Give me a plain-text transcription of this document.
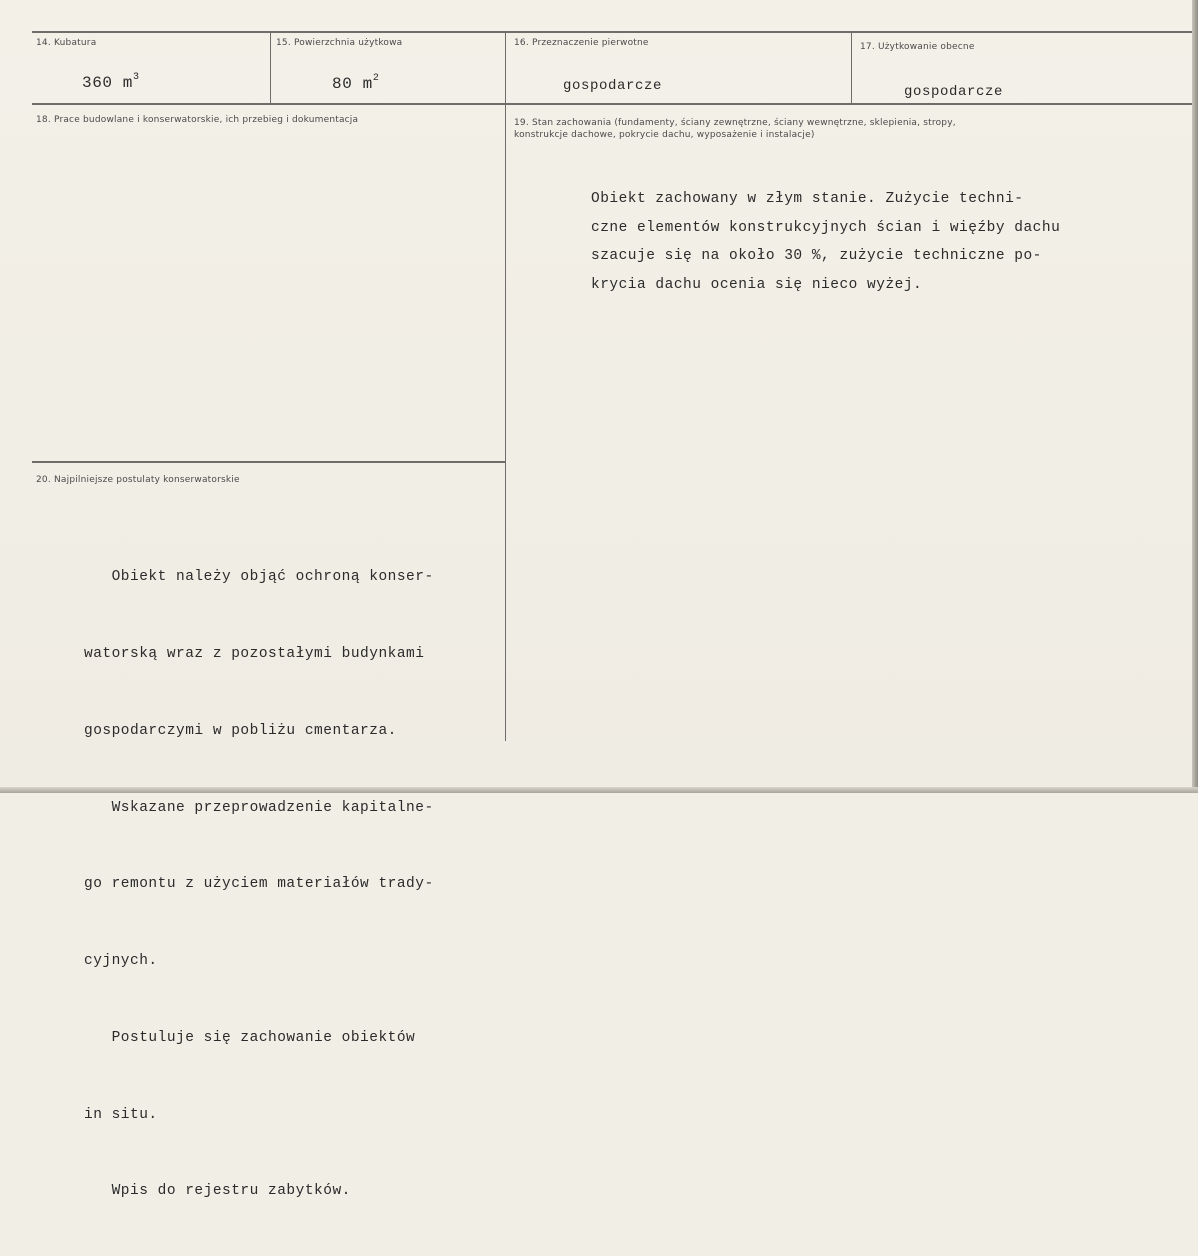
14. Kubatura
360 $m^3$
15. Powierzchnia użytkowa
80 $m^2$
16. Przeznaczenie pierwotne
gospodarcze
17. Użytkowanie obecne
gospodarcze
18. Prace budowlane i konserwatorskie, ich przebieg i dokumentacja	19. Stan zachowania (fundamenty, ściany zewnętrzne, ściany wewnętrzne, sklepienia, stropy,
konstrukcje dachowe, pokrycie dachu, wyposażenie i instalacje)
Obiekt zachowany w złym stanie. Zużycie techni-
czne elementów konstrukcyjnych ścian i więźby dachu
szacuje się na około 30 %, zużycie techniczne po-
krycia dachu ocenia się nieco wyżej.
20. Najpilniejsze postulaty konserwatorskie

Obiekt należy objąć ochroną konser-

watorską wraz z pozostałymi budynkami

gospodarczymi w pobliżu cmentarza.

Wskazane przeprowadzenie kapitalne-

go remontu z użyciem materiałów trady-

cyjnych.

Postuluje się zachowanie obiektów

in situ.

Wpis do rejestru zabytków.
